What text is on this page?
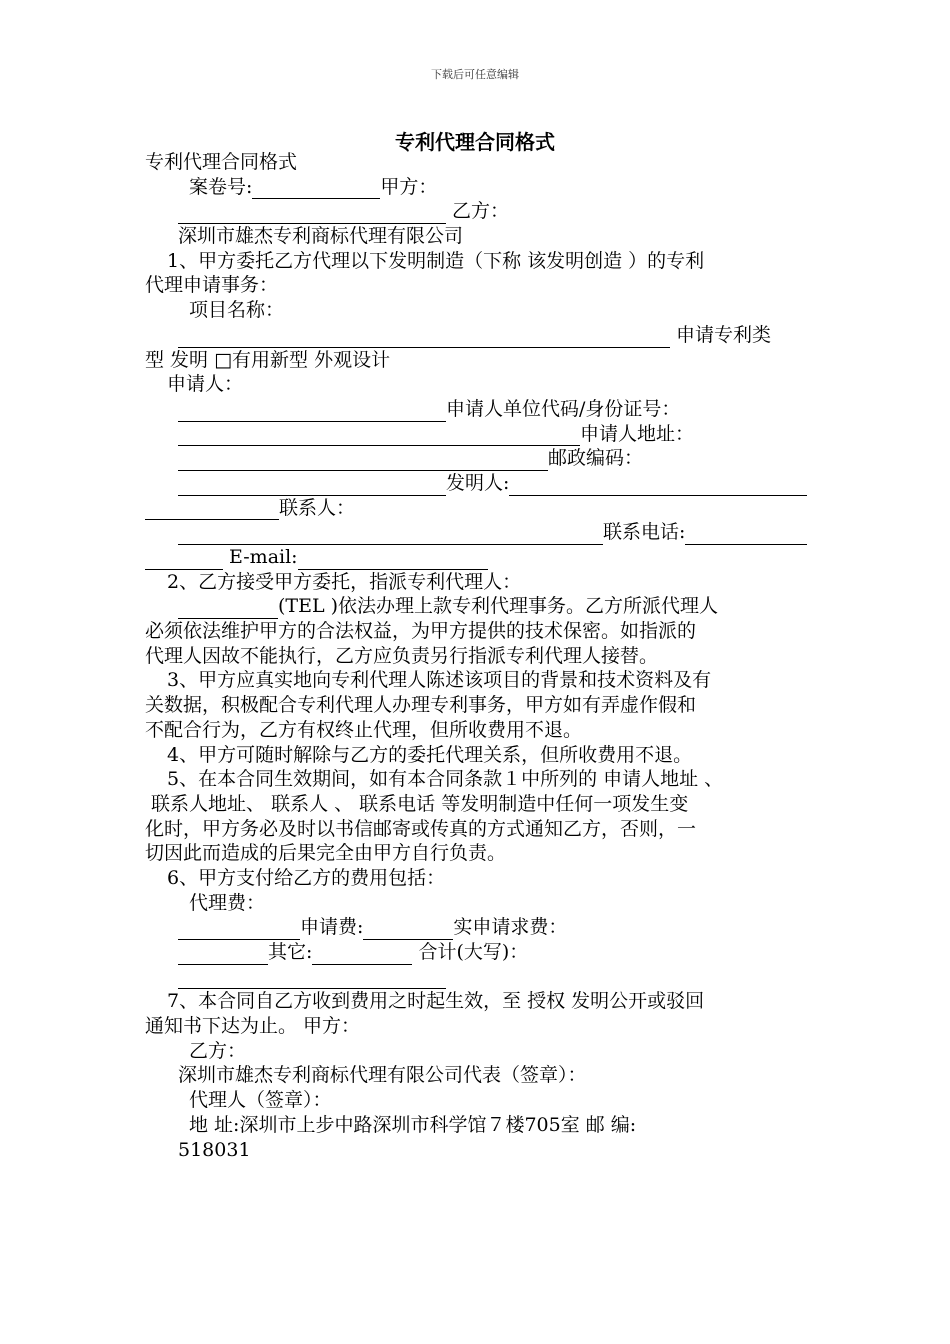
下载后可任意编辑
专利代理合同格式
专利代理合同格式
案卷号:	甲方：
乙方：
深圳市雄杰专利商标代理有限公司
1、甲方委托乙方代理以下发明制造（下称 该发明创造 ）的专利
代理申请事务：
项目名称：
申请专利类
型 发明 □有用新型 外观设计
申请人：
申请人单位代码/身份证号：
申请人地址：
邮政编码：
发明人:
联系人：
联系电话:
E-mail:
2、乙方接受甲方委托，指派专利代理人：
(TEL )依法办理上款专利代理事务。乙方所派代理人
必须依法维护甲方的合法权益，为甲方提供的技术保密。如指派的
代理人因故不能执行，乙方应负责另行指派专利代理人接替。
3、甲方应真实地向专利代理人陈述该项目的背景和技术资料及有
关数据，积极配合专利代理人办理专利事务，甲方如有弄虚作假和
不配合行为，乙方有权终止代理，但所收费用不退。
4、甲方可随时解除与乙方的委托代理关系，但所收费用不退。
5、在本合同生效期间，如有本合同条款１中所列的 申请人地址 、
联系人地址、 联系人 、 联系电话 等发明制造中任何一项发生变
化时，甲方务必及时以书信邮寄或传真的方式通知乙方，否则，一
切因此而造成的后果完全由甲方自行负责。
6、甲方支付给乙方的费用包括：
代理费：
申请费:	实申请求费：
其它:	合计(大写)：
7、本合同自乙方收到费用之时起生效，至 授权 发明公开或驳回
通知书下达为止。 甲方：
乙方：
深圳市雄杰专利商标代理有限公司代表（签章）：
代理人（签章）：
地 址:深圳市上步中路深圳市科学馆７楼705室 邮 编:
518031
